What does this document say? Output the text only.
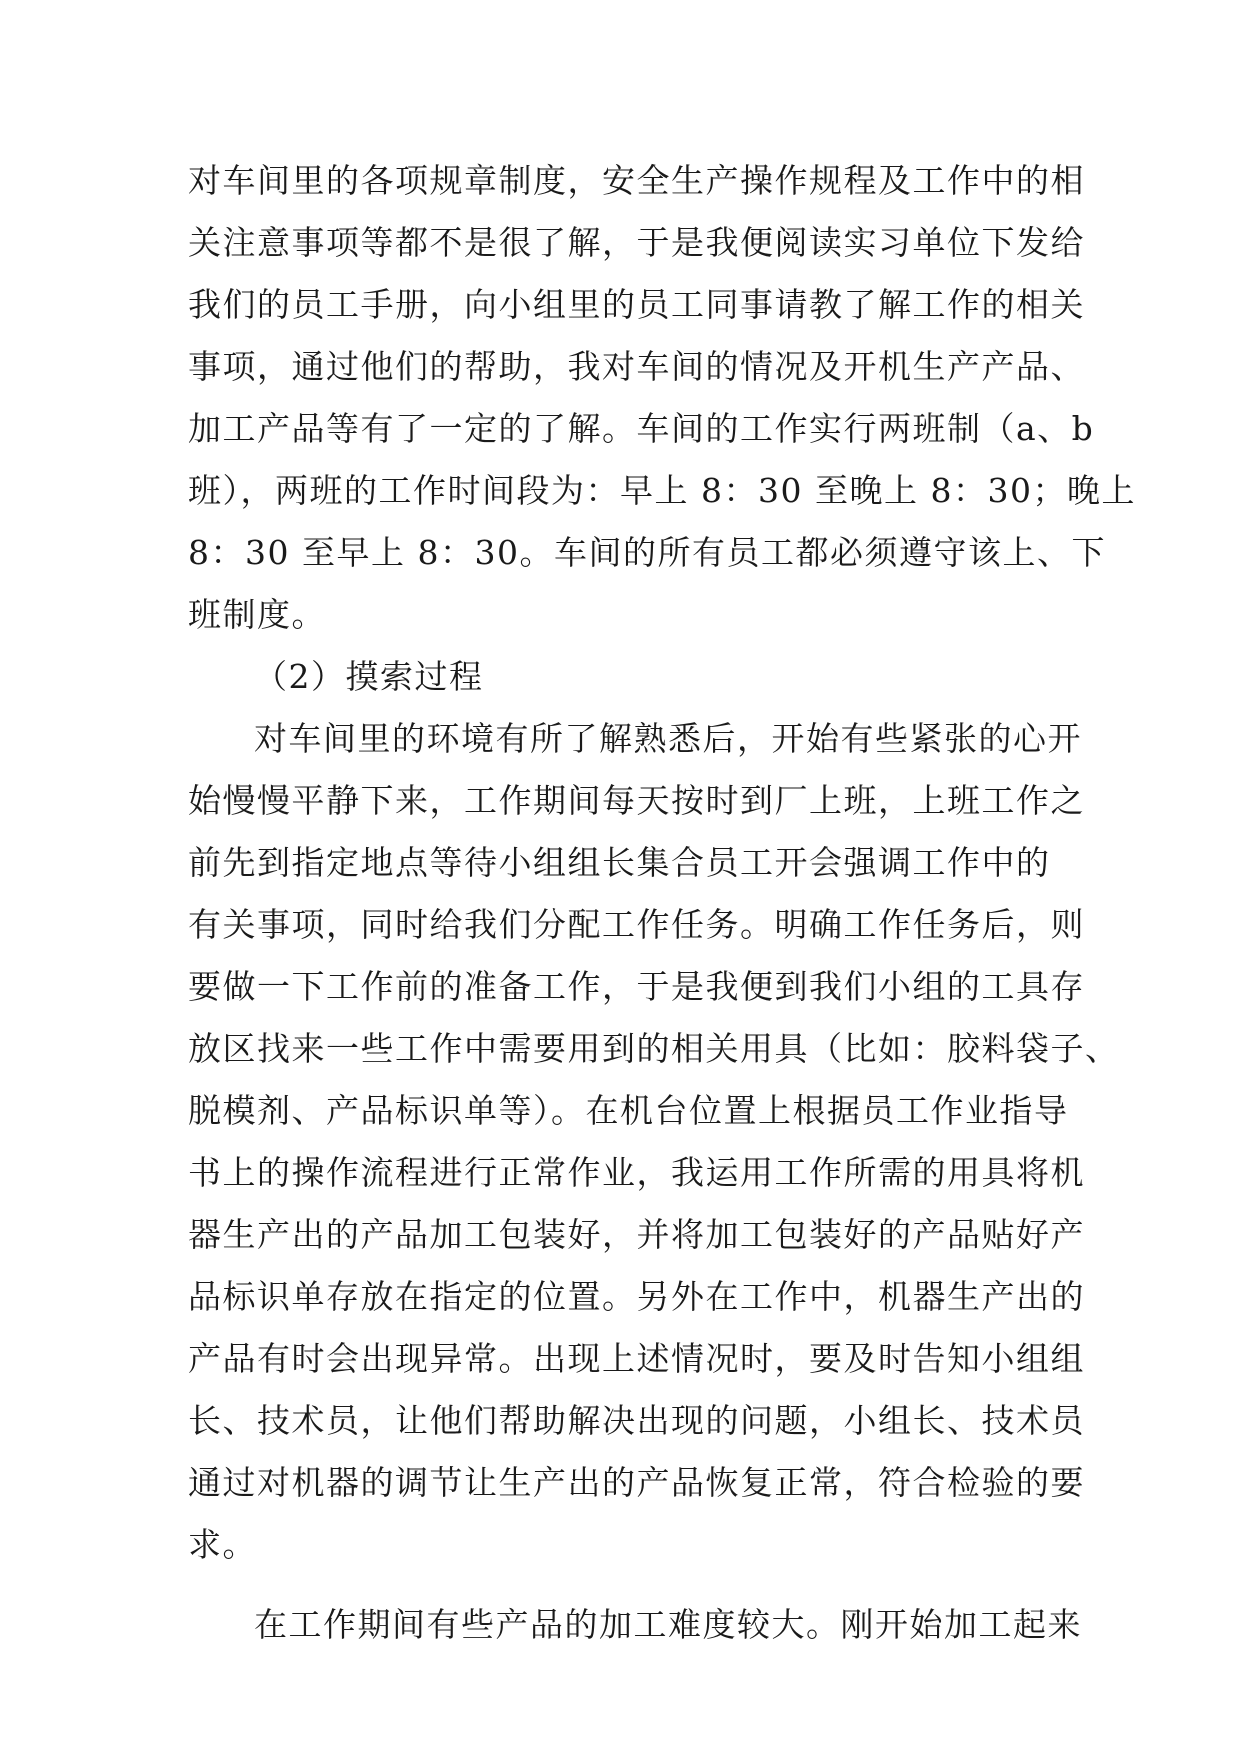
对车间里的各项规章制度，安全生产操作规程及工作中的相
关注意事项等都不是很了解，于是我便阅读实习单位下发给
我们的员工手册，向小组里的员工同事请教了解工作的相关
事项，通过他们的帮助，我对车间的情况及开机生产产品、
加工产品等有了一定的了解。车间的工作实行两班制（a、b
班），两班的工作时间段为：早上 8：30 至晚上 8：30；晚上
8：30 至早上 8：30。车间的所有员工都必须遵守该上、下
班制度。
（2）摸索过程
对车间里的环境有所了解熟悉后，开始有些紧张的心开
始慢慢平静下来，工作期间每天按时到厂上班，上班工作之
前先到指定地点等待小组组长集合员工开会强调工作中的
有关事项，同时给我们分配工作任务。明确工作任务后，则
要做一下工作前的准备工作，于是我便到我们小组的工具存
放区找来一些工作中需要用到的相关用具（比如：胶料袋子、
脱模剂、产品标识单等）。在机台位置上根据员工作业指导
书上的操作流程进行正常作业，我运用工作所需的用具将机
器生产出的产品加工包装好，并将加工包装好的产品贴好产
品标识单存放在指定的位置。另外在工作中，机器生产出的
产品有时会出现异常。出现上述情况时，要及时告知小组组
长、技术员，让他们帮助解决出现的问题，小组长、技术员
通过对机器的调节让生产出的产品恢复正常，符合检验的要
求。
在工作期间有些产品的加工难度较大。刚开始加工起来
